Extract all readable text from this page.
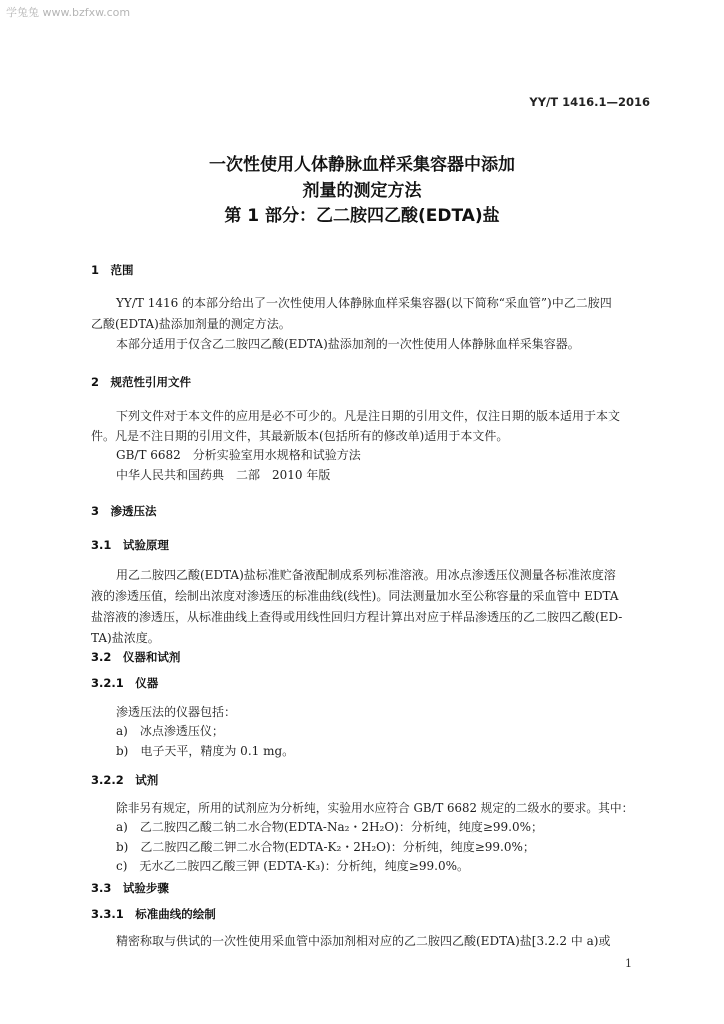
学兔兔 www.bzfxw.com
YY/T 1416.1—2016
一次性使用人体静脉血样采集容器中添加
剂量的测定方法
第 1 部分：乙二胺四乙酸(EDTA)盐
1　范围
YY/T 1416 的本部分给出了一次性使用人体静脉血样采集容器(以下简称“采血管”)中乙二胺四
乙酸(EDTA)盐添加剂量的测定方法。
本部分适用于仅含乙二胺四乙酸(EDTA)盐添加剂的一次性使用人体静脉血样采集容器。
2　规范性引用文件
下列文件对于本文件的应用是必不可少的。凡是注日期的引用文件，仅注日期的版本适用于本文
件。凡是不注日期的引用文件，其最新版本(包括所有的修改单)适用于本文件。
GB/T 6682　分析实验室用水规格和试验方法
中华人民共和国药典　二部　2010 年版
3　渗透压法
3.1　试验原理
用乙二胺四乙酸(EDTA)盐标准贮备液配制成系列标准溶液。用冰点渗透压仪测量各标准浓度溶
液的渗透压值，绘制出浓度对渗透压的标准曲线(线性)。同法测量加水至公称容量的采血管中 EDTA
盐溶液的渗透压，从标准曲线上查得或用线性回归方程计算出对应于样品渗透压的乙二胺四乙酸(ED-
TA)盐浓度。
3.2　仪器和试剂
3.2.1　仪器
渗透压法的仪器包括：
a)　冰点渗透压仪；
b)　电子天平，精度为 0.1 mg。
3.2.2　试剂
除非另有规定，所用的试剂应为分析纯，实验用水应符合 GB/T 6682 规定的二级水的要求。其中：
a)　乙二胺四乙酸二钠二水合物(EDTA-Na₂・2H₂O)：分析纯，纯度≥99.0%；
b)　乙二胺四乙酸二钾二水合物(EDTA-K₂・2H₂O)：分析纯，纯度≥99.0%；
c)　无水乙二胺四乙酸三钾 (EDTA-K₃)：分析纯，纯度≥99.0%。
3.3　试验步骤
3.3.1　标准曲线的绘制
精密称取与供试的一次性使用采血管中添加剂相对应的乙二胺四乙酸(EDTA)盐[3.2.2 中 a)或
1
